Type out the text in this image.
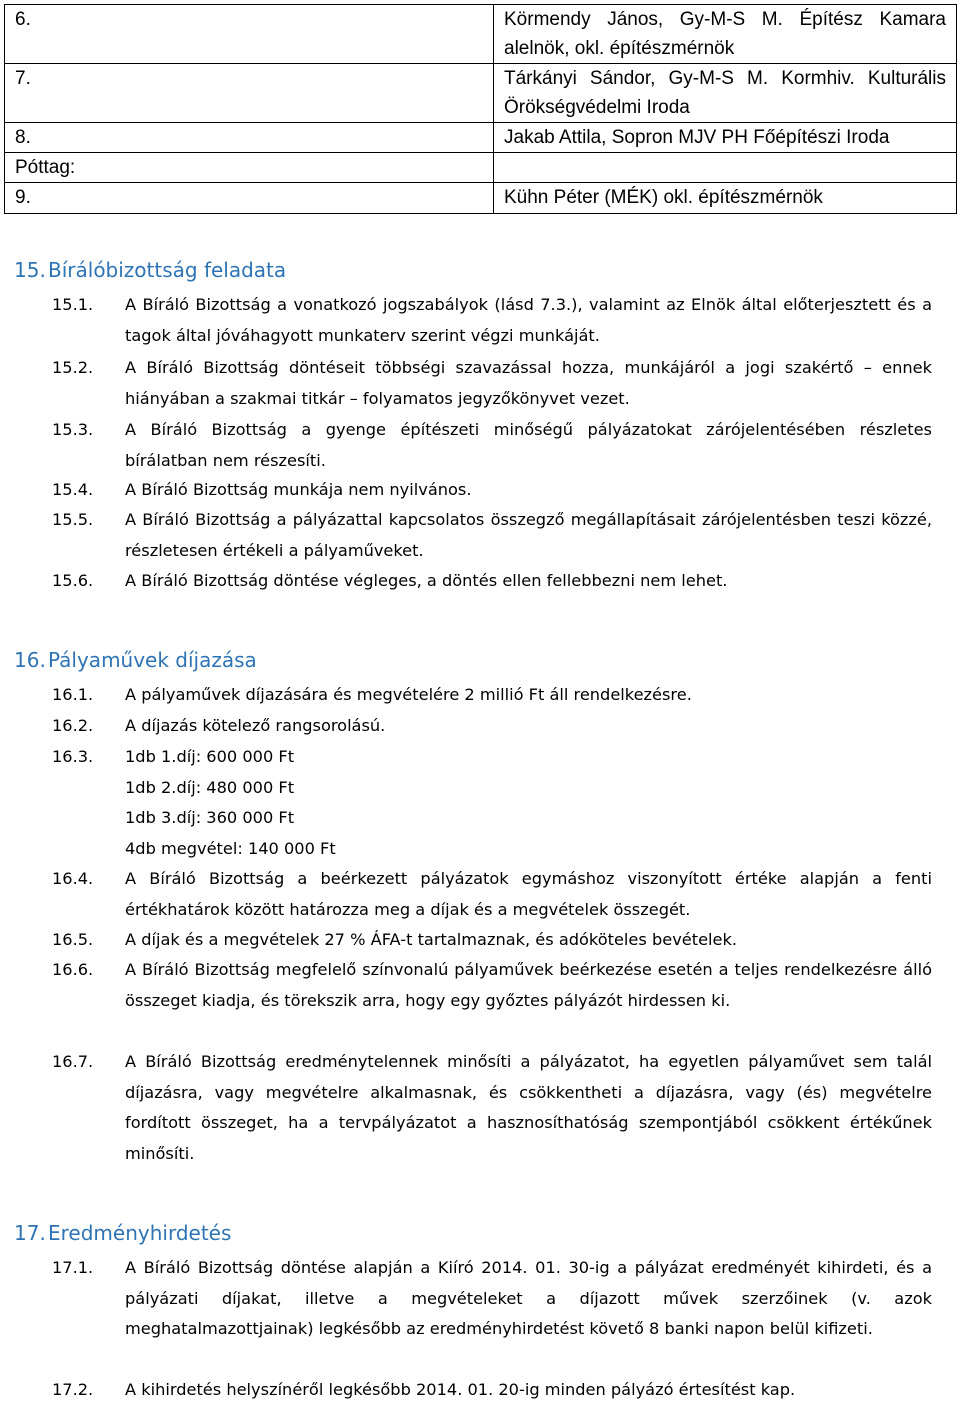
6.	Körmendy János, Gy-M-S M. Építész Kamara alelnök, okl. építészmérnök
7.	Tárkányi Sándor, Gy-M-S M. Kormhiv. Kulturális Örökségvédelmi Iroda
8.	Jakab Attila, Sopron MJV PH Főépítészi Iroda
Póttag:	
9.	Kühn Péter (MÉK) okl. építészmérnök
15. Bírálóbizottság feladata
15.1.	A Bíráló Bizottság a vonatkozó jogszabályok (lásd 7.3.), valamint az Elnök által előterjesztett és a tagok által jóváhagyott munkaterv szerint végzi munkáját.
15.2.	A Bíráló Bizottság döntéseit többségi szavazással hozza, munkájáról a jogi szakértő – ennek hiányában a szakmai titkár – folyamatos jegyzőkönyvet vezet.
15.3.	A Bíráló Bizottság a gyenge építészeti minőségű pályázatokat zárójelentésében részletes bírálatban nem részesíti.
15.4.	A Bíráló Bizottság munkája nem nyilvános.
15.5.	A Bíráló Bizottság a pályázattal kapcsolatos összegző megállapításait zárójelentésben teszi közzé, részletesen értékeli a pályaműveket.
15.6.	A Bíráló Bizottság döntése végleges, a döntés ellen fellebbezni nem lehet.
16. Pályaművek díjazása
16.1.	A pályaművek díjazására és megvételére 2 millió Ft áll rendelkezésre.
16.2.	A díjazás kötelező rangsorolású.
16.3.	1db 1.díj: 600 000 Ft
1db 2.díj: 480 000 Ft
1db 3.díj: 360 000 Ft
4db megvétel: 140 000 Ft
16.4.	A Bíráló Bizottság a beérkezett pályázatok egymáshoz viszonyított értéke alapján a fenti értékhatárok között határozza meg a díjak és a megvételek összegét.
16.5.	A díjak és a megvételek 27 % ÁFA-t tartalmaznak, és adóköteles bevételek.
16.6.	A Bíráló Bizottság megfelelő színvonalú pályaművek beérkezése esetén a teljes rendelkezésre álló összeget kiadja, és törekszik arra, hogy egy győztes pályázót hirdessen ki.
16.7.	A Bíráló Bizottság eredménytelennek minősíti a pályázatot, ha egyetlen pályaművet sem talál díjazásra, vagy megvételre alkalmasnak, és csökkentheti a díjazásra, vagy (és) megvételre fordított összeget, ha a tervpályázatot a hasznosíthatóság szempontjából csökkent értékűnek minősíti.
17. Eredményhirdetés
17.1.	A Bíráló Bizottság döntése alapján a Kiíró 2014. 01. 30-ig a pályázat eredményét kihirdeti, és a pályázati díjakat, illetve a megvételeket a díjazott művek szerzőinek (v. azok meghatalmazottjainak) legkésőbb az eredményhirdetést követő 8 banki napon belül kifizeti.
17.2.	A kihirdetés helyszínéről legkésőbb 2014. 01. 20-ig minden pályázó értesítést kap.
